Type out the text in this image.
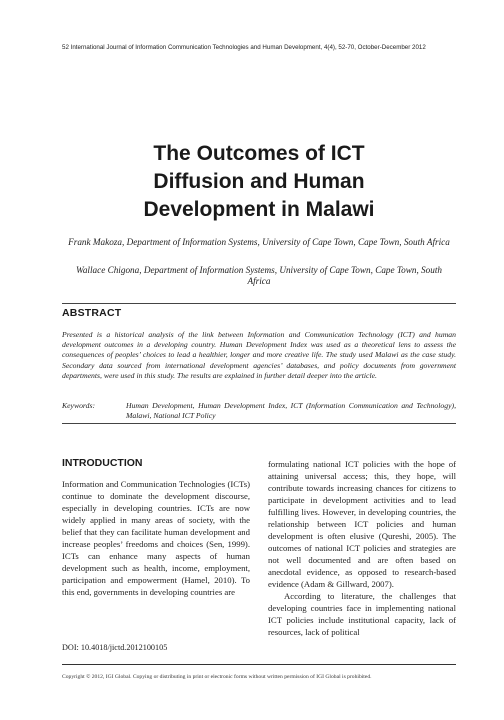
52 International Journal of Information Communication Technologies and Human Development, 4(4), 52-70, October-December 2012
The Outcomes of ICT
Diffusion and Human
Development in Malawi
Frank Makoza, Department of Information Systems, University of Cape Town, Cape Town, South Africa
Wallace Chigona, Department of Information Systems, University of Cape Town, Cape Town, South Africa
ABSTRACT

Presented is a historical analysis of the link between Information and Communication Technology (ICT) and human development outcomes in a developing country. Human Development Index was used as a theoretical lens to assess the consequences of peoples’ choices to lead a healthier, longer and more creative life. The study used Malawi as the case study. Secondary data sourced from international development agencies’ databases, and policy documents from government departments, were used in this study. The results are explained in further detail deeper into the article.

Keywords:	Human Development, Human Development Index, ICT (Information Communication and Technology), Malawi, National ICT Policy
INTRODUCTION

Information and Communication Technologies (ICTs) continue to dominate the development discourse, especially in developing countries. ICTs are now widely applied in many areas of society, with the belief that they can facilitate human development and increase peoples’ freedoms and choices (Sen, 1999). ICTs can enhance many aspects of human development such as health, income, employment, participation and empowerment (Hamel, 2010). To this end, governments in developing countries are

formulating national ICT policies with the hope of attaining universal access; this, they hope, will contribute towards increasing chances for citizens to participate in development activities and to lead fulfilling lives. However, in developing countries, the relationship between ICT policies and human development is often elusive (Qureshi, 2005). The outcomes of national ICT policies and strategies are not well documented and are often based on anecdotal evidence, as opposed to research-based evidence (Adam & Gillward, 2007).

According to literature, the challenges that developing countries face in implementing national ICT policies include institutional capacity, lack of resources, lack of political

DOI: 10.4018/jictd.2012100105
Copyright © 2012, IGI Global. Copying or distributing in print or electronic forms without written permission of IGI Global is prohibited.
